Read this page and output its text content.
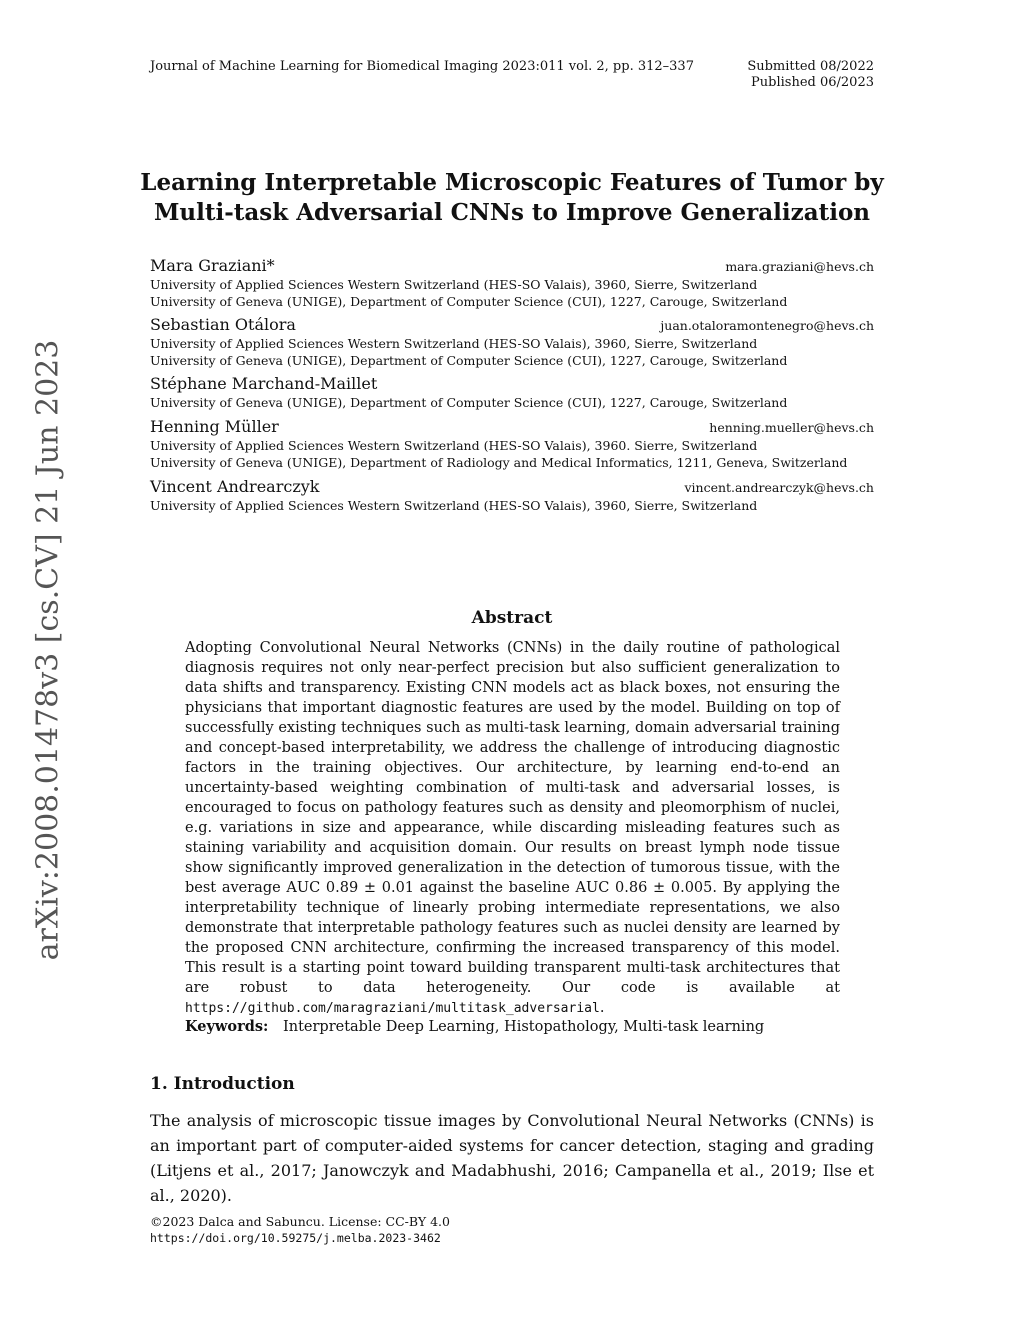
Journal of Machine Learning for Biomedical Imaging 2023:011 vol. 2, pp. 312–337	Submitted 08/2022
Published 06/2023
arXiv:2008.01478v3 [cs.CV] 21 Jun 2023
Learning Interpretable Microscopic Features of Tumor by
Multi-task Adversarial CNNs to Improve Generalization
Mara Graziani*	mara.graziani@hevs.ch
University of Applied Sciences Western Switzerland (HES-SO Valais), 3960, Sierre, Switzerland
University of Geneva (UNIGE), Department of Computer Science (CUI), 1227, Carouge, Switzerland
Sebastian Otálora	juan.otaloramontenegro@hevs.ch
University of Applied Sciences Western Switzerland (HES-SO Valais), 3960, Sierre, Switzerland
University of Geneva (UNIGE), Department of Computer Science (CUI), 1227, Carouge, Switzerland
Stéphane Marchand-Maillet
University of Geneva (UNIGE), Department of Computer Science (CUI), 1227, Carouge, Switzerland
Henning Müller	henning.mueller@hevs.ch
University of Applied Sciences Western Switzerland (HES-SO Valais), 3960. Sierre, Switzerland
University of Geneva (UNIGE), Department of Radiology and Medical Informatics, 1211, Geneva, Switzerland
Vincent Andrearczyk	vincent.andrearczyk@hevs.ch
University of Applied Sciences Western Switzerland (HES-SO Valais), 3960, Sierre, Switzerland
Abstract
Adopting Convolutional Neural Networks (CNNs) in the daily routine of pathological diagnosis requires not only near-perfect precision but also sufficient generalization to data shifts and transparency. Existing CNN models act as black boxes, not ensuring the physicians that important diagnostic features are used by the model. Building on top of successfully existing techniques such as multi-task learning, domain adversarial training and concept-based interpretability, we address the challenge of introducing diagnostic factors in the training objectives. Our architecture, by learning end-to-end an uncertainty-based weighting combination of multi-task and adversarial losses, is encouraged to focus on pathology features such as density and pleomorphism of nuclei, e.g. variations in size and appearance, while discarding misleading features such as staining variability and acquisition domain. Our results on breast lymph node tissue show significantly improved generalization in the detection of tumorous tissue, with the best average AUC 0.89 ± 0.01 against the baseline AUC 0.86 ± 0.005. By applying the interpretability technique of linearly probing intermediate representations, we also demonstrate that interpretable pathology features such as nuclei density are learned by the proposed CNN architecture, confirming the increased transparency of this model. This result is a starting point toward building transparent multi-task architectures that are robust to data heterogeneity. Our code is available at https://github.com/maragraziani/multitask_adversarial.
Keywords: Interpretable Deep Learning, Histopathology, Multi-task learning
1. Introduction
The analysis of microscopic tissue images by Convolutional Neural Networks (CNNs) is an important part of computer-aided systems for cancer detection, staging and grading (Litjens et al., 2017; Janowczyk and Madabhushi, 2016; Campanella et al., 2019; Ilse et al., 2020).
©2023 Dalca and Sabuncu. License: CC-BY 4.0
https://doi.org/10.59275/j.melba.2023-3462
